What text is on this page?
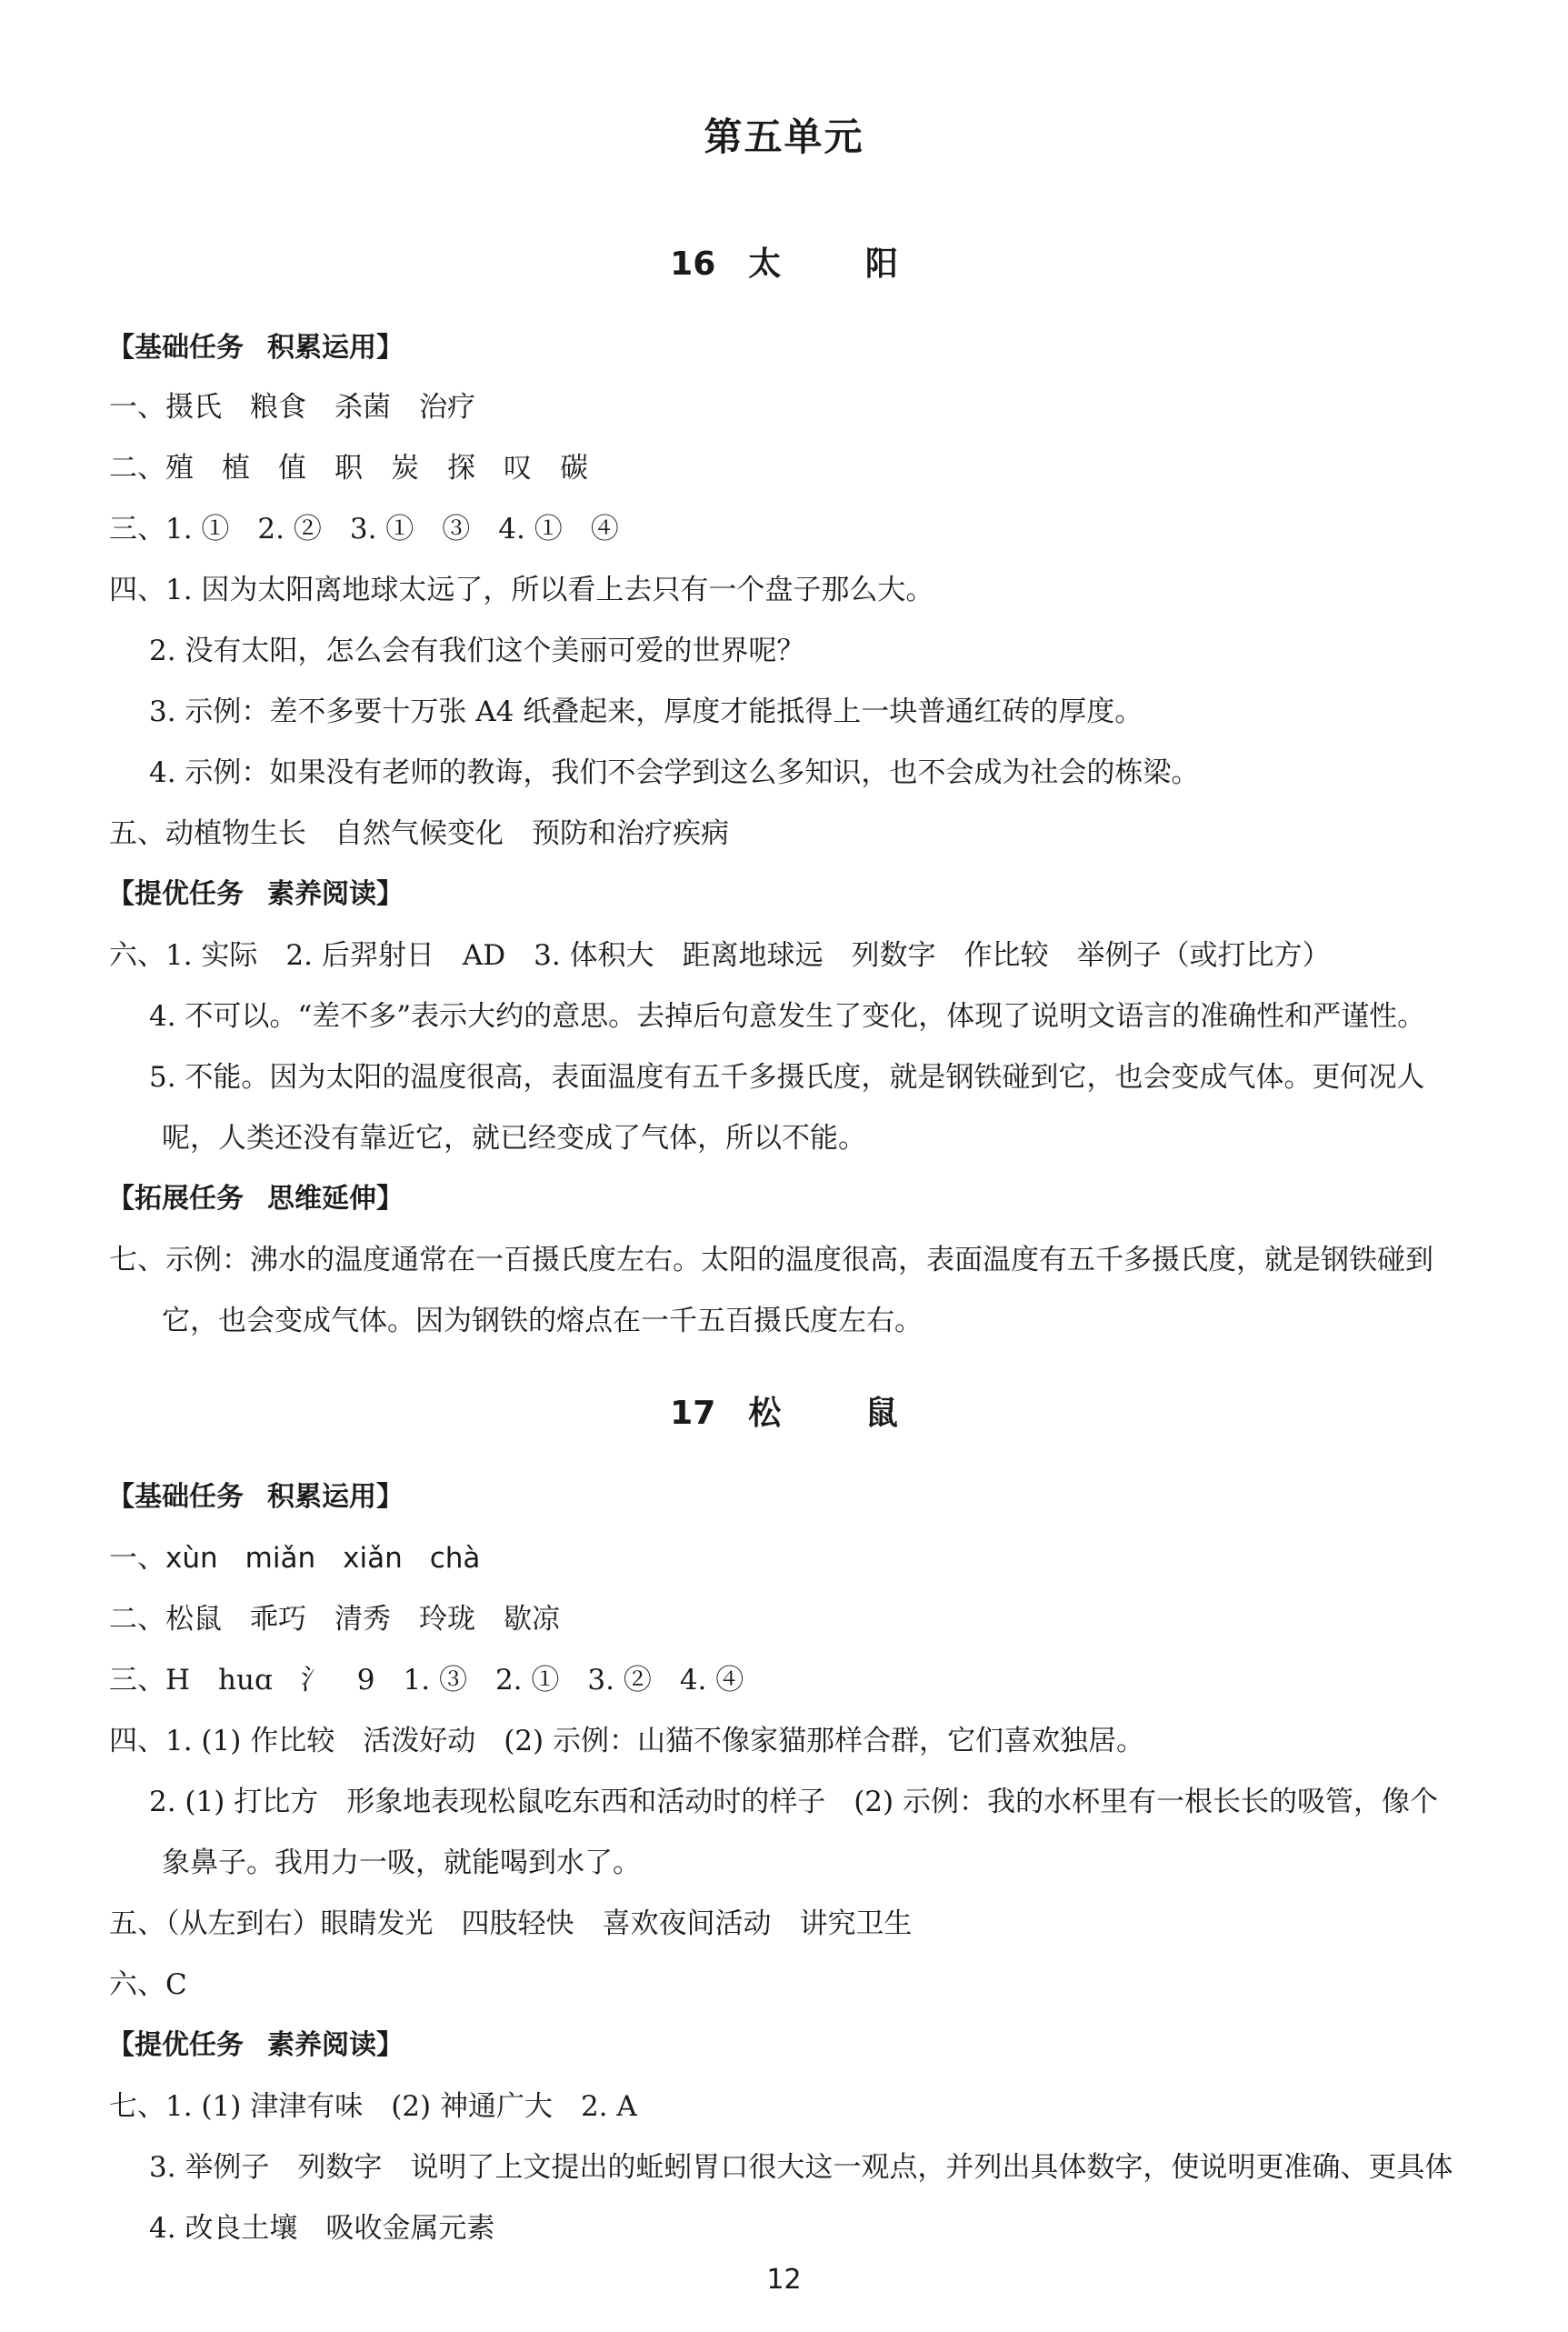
第五单元
16 太 阳
【基础任务 积累运用】
一、摄氏　粮食　杀菌　治疗
二、殖　植　值　职　炭　探　叹　碳
三、1. ①　2. ②　3. ①　③　4. ①　④
四、1. 因为太阳离地球太远了，所以看上去只有一个盘子那么大。
2. 没有太阳，怎么会有我们这个美丽可爱的世界呢？
3. 示例：差不多要十万张 A4 纸叠起来，厚度才能抵得上一块普通红砖的厚度。
4. 示例：如果没有老师的教诲，我们不会学到这么多知识，也不会成为社会的栋梁。
五、动植物生长　自然气候变化　预防和治疗疾病
【提优任务 素养阅读】
六、1. 实际　2. 后羿射日　AD　3. 体积大　距离地球远　列数字　作比较　举例子（或打比方）
4. 不可以。“差不多”表示大约的意思。去掉后句意发生了变化，体现了说明文语言的准确性和严谨性。
5. 不能。因为太阳的温度很高，表面温度有五千多摄氏度，就是钢铁碰到它，也会变成气体。更何况人
呢，人类还没有靠近它，就已经变成了气体，所以不能。
【拓展任务 思维延伸】
七、示例：沸水的温度通常在一百摄氏度左右。太阳的温度很高，表面温度有五千多摄氏度，就是钢铁碰到
它，也会变成气体。因为钢铁的熔点在一千五百摄氏度左右。
17 松 鼠
【基础任务 积累运用】
一、xùn miǎn xiǎn chà
二、松鼠　乖巧　清秀　玲珑　歇凉
三、H　huɑ　氵　9　1. ③　2. ①　3. ②　4. ④
四、1. (1) 作比较　活泼好动　(2) 示例：山猫不像家猫那样合群，它们喜欢独居。
2. (1) 打比方　形象地表现松鼠吃东西和活动时的样子　(2) 示例：我的水杯里有一根长长的吸管，像个
象鼻子。我用力一吸，就能喝到水了。
五、（从左到右）眼睛发光　四肢轻快　喜欢夜间活动　讲究卫生
六、C
【提优任务 素养阅读】
七、1. (1) 津津有味　(2) 神通广大　2. A
3. 举例子　列数字　说明了上文提出的蚯蚓胃口很大这一观点，并列出具体数字，使说明更准确、更具体
4. 改良土壤　吸收金属元素
12
